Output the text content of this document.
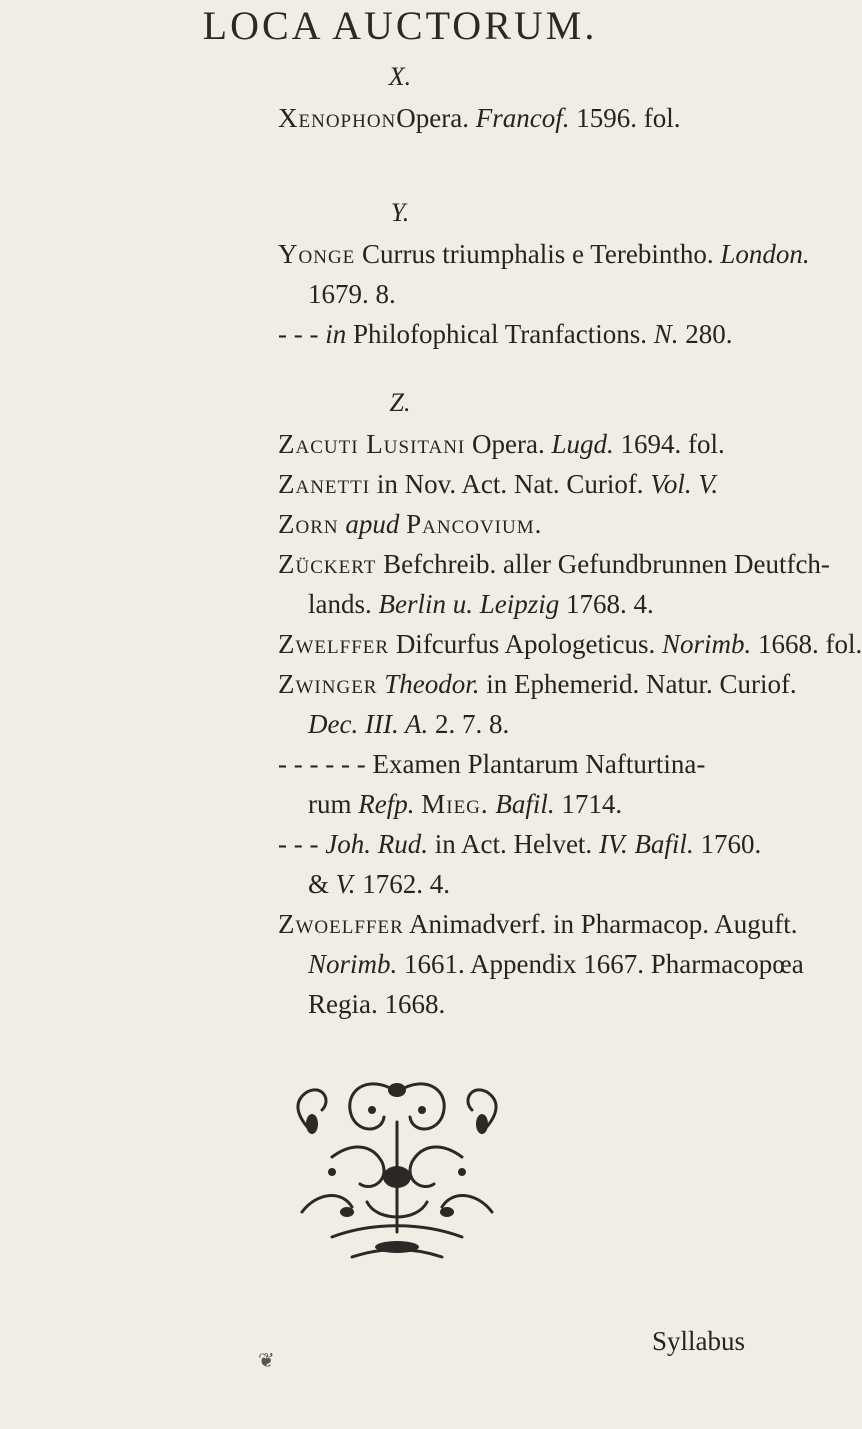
LOCA AUCTORUM.
X.
XenophonOpera. Francof. 1596. fol.
Y.
Yonge Currus triumphalis e Terebintho. London.
1679. 8.
- - - in Philofophical Tranfactions. N. 280.
Z.
Zacuti Lusitani Opera. Lugd. 1694. fol.
Zanetti in Nov. Act. Nat. Curiof. Vol. V.
Zorn apud Pancovium.
Zückert Befchreib. aller Gefundbrunnen Deutfch-
lands. Berlin u. Leipzig 1768. 4.
Zwelffer Difcurfus Apologeticus. Norimb. 1668. fol.
Zwinger Theodor. in Ephemerid. Natur. Curiof.
Dec. III. A. 2. 7. 8.
- - - - - - Examen Plantarum Nafturtina-
rum Refp. Mieg. Bafil. 1714.
- - - Joh. Rud. in Act. Helvet. IV. Bafil. 1760.
& V. 1762. 4.
Zwoelffer Animadverf. in Pharmacop. Auguft.
Norimb. 1661. Appendix 1667. Pharmacopœa
Regia. 1668.
❦
Syllabus
